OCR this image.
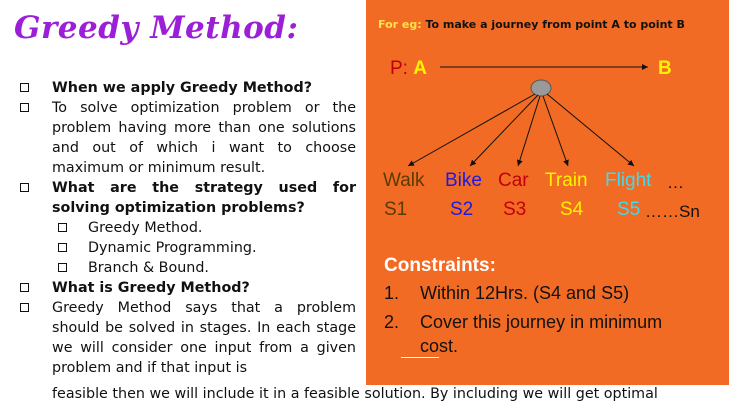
Greedy Method:
When we apply Greedy Method?
To solve optimization problem or the problem having more than one solutions and out of which i want to choose maximum or minimum result.
What are the strategy used for solving optimization problems?
Greedy Method.
Dynamic Programming.
Branch & Bound.
What is Greedy Method?
Greedy Method says that a problem should be solved in stages. In each stage we will consider one input from a given problem and if that input is
For eg: To make a journey from point A to point B
P: A	B
Walk Bike Car Train Flight …
S1 S2 S3 S4 S5 ……Sn
Constraints:
1. Within 12Hrs. (S4 and S5)
2. Cover this journey in minimum
cost.
feasible then we will include it in a feasible solution. By including we will get optimal
